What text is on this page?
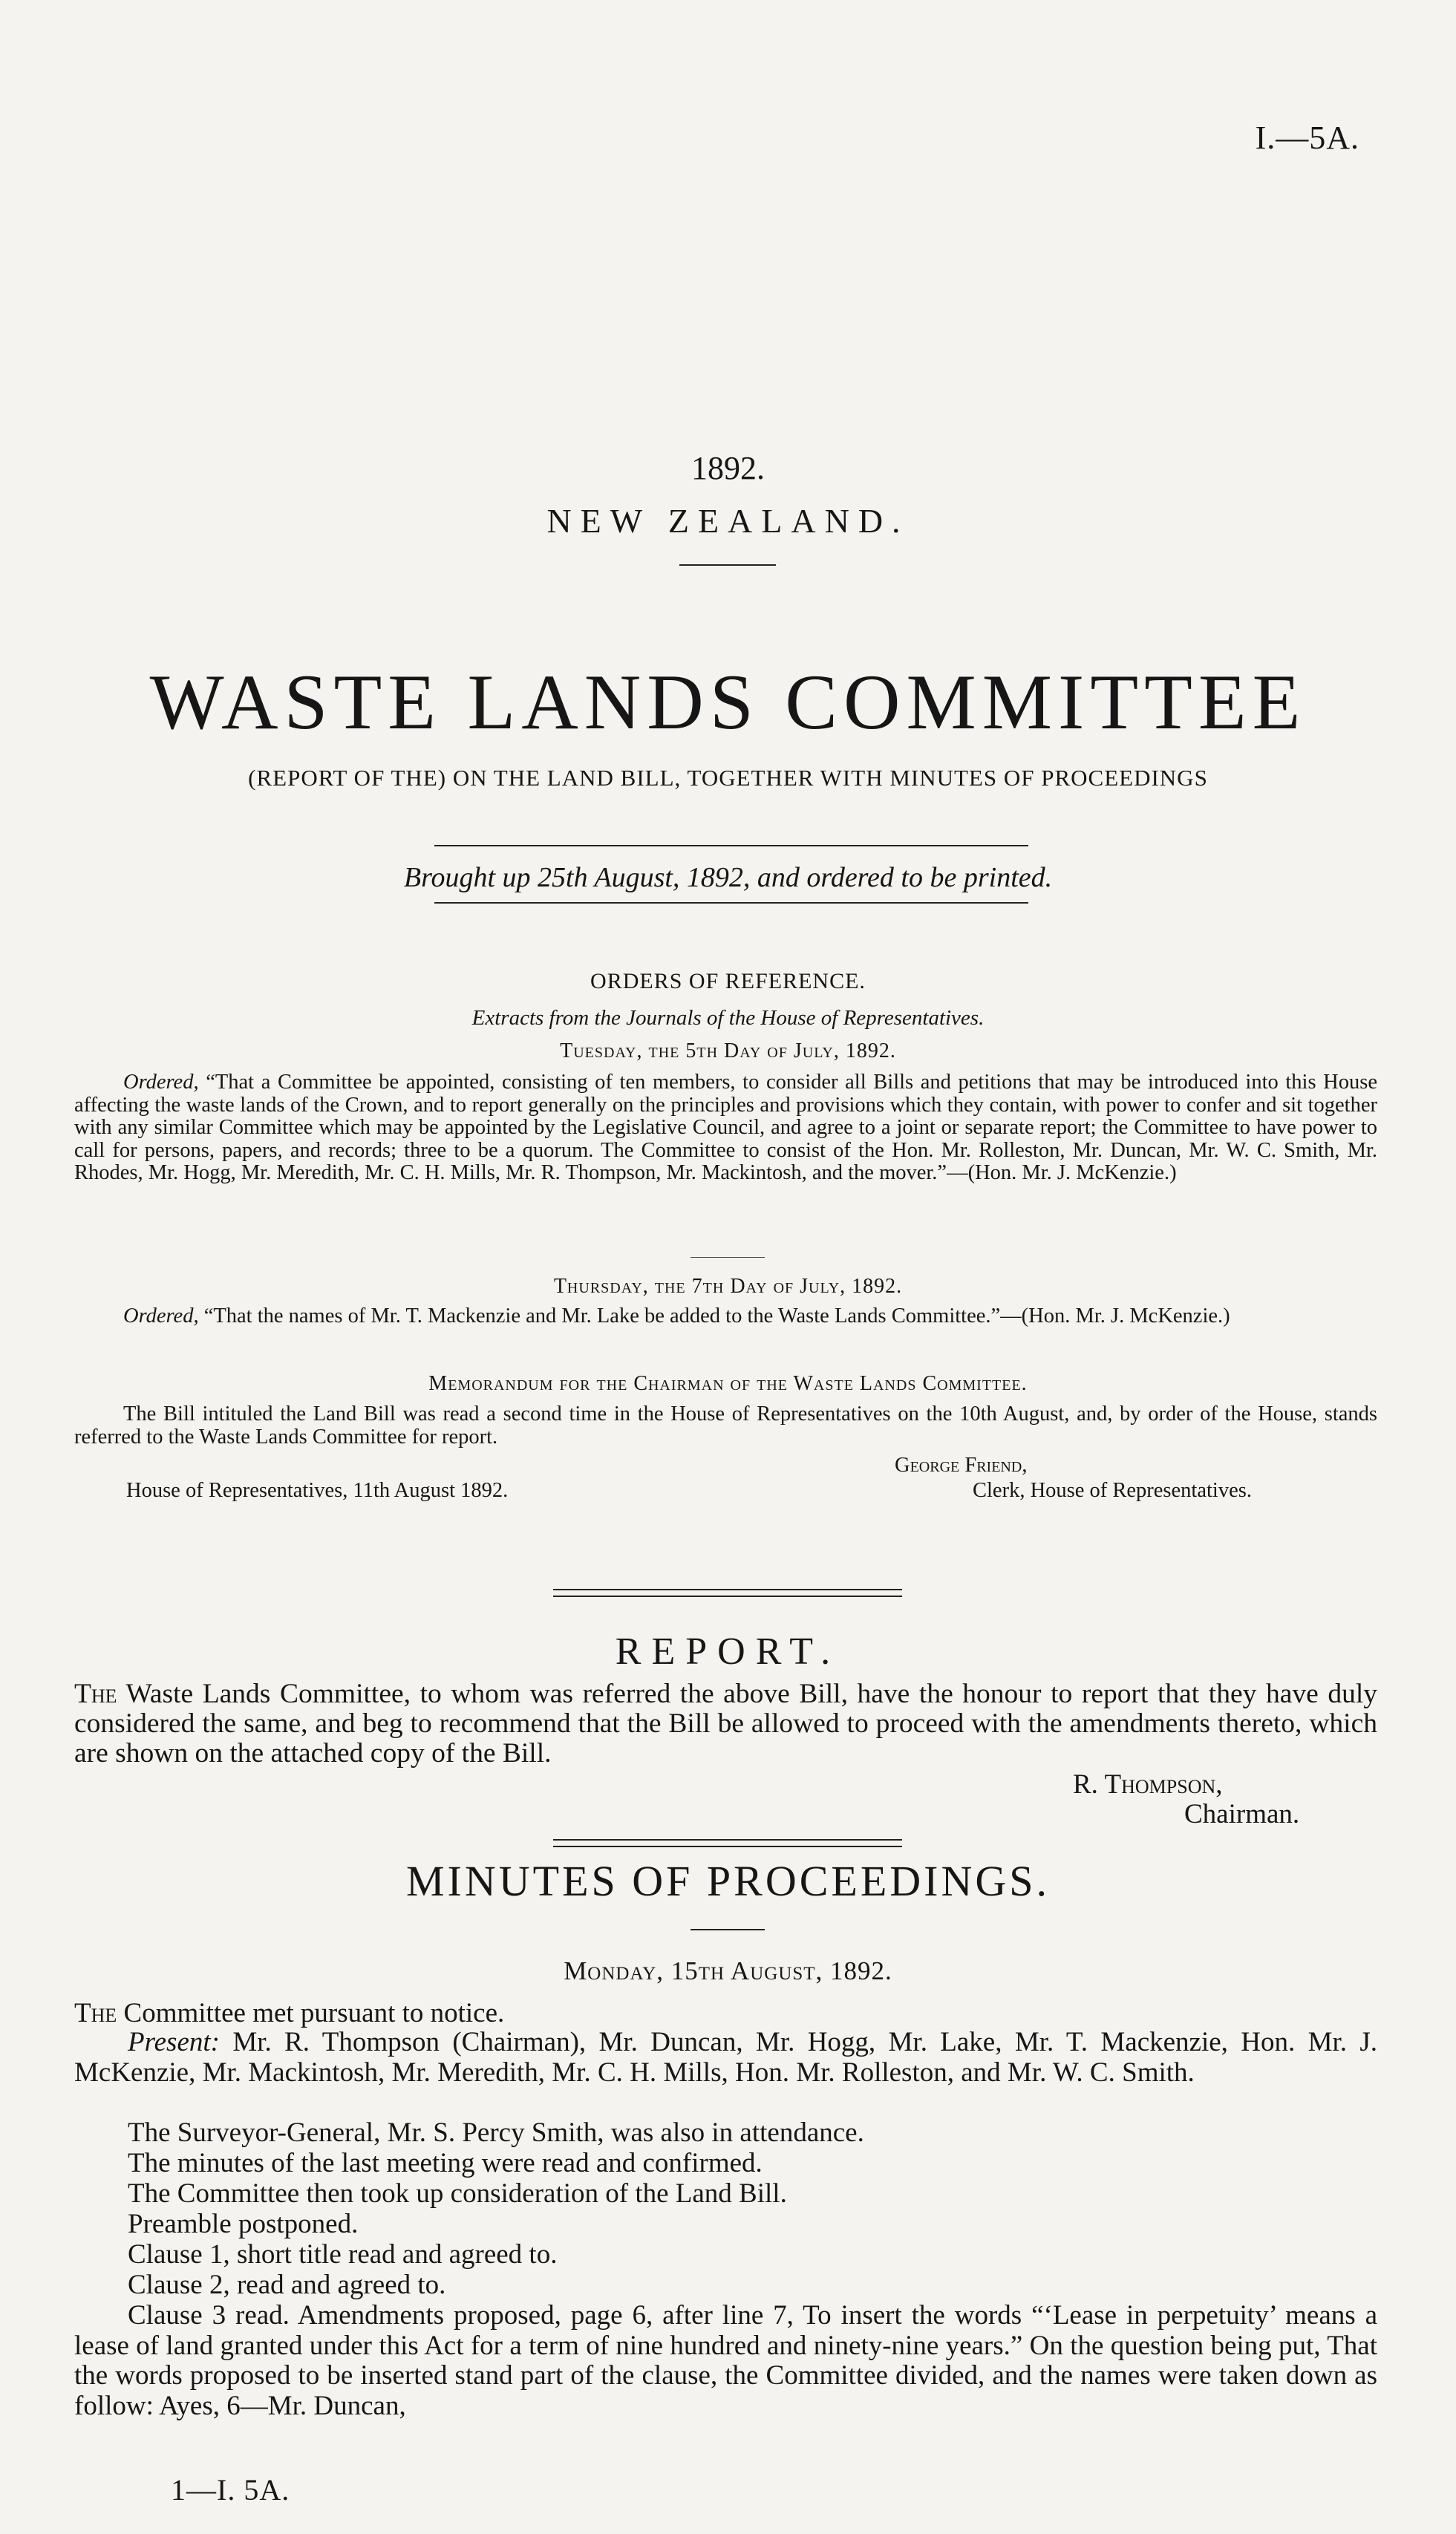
I.—5A.
1892.
NEW ZEALAND.
WASTE LANDS COMMITTEE
(REPORT OF THE) ON THE LAND BILL, TOGETHER WITH MINUTES OF PROCEEDINGS
Brought up 25th August, 1892, and ordered to be printed.
ORDERS OF REFERENCE.
Extracts from the Journals of the House of Representatives.
Tuesday, the 5th Day of July, 1892.
Ordered, “That a Committee be appointed, consisting of ten members, to consider all Bills and petitions that may be introduced into this House affecting the waste lands of the Crown, and to report generally on the principles and provisions which they contain, with power to confer and sit together with any similar Committee which may be appointed by the Legislative Council, and agree to a joint or separate report; the Committee to have power to call for persons, papers, and records; three to be a quorum. The Committee to consist of the Hon. Mr. Rolleston, Mr. Duncan, Mr. W. C. Smith, Mr. Rhodes, Mr. Hogg, Mr. Meredith, Mr. C. H. Mills, Mr. R. Thompson, Mr. Mackintosh, and the mover.”—(Hon. Mr. J. McKenzie.)
Thursday, the 7th Day of July, 1892.
Ordered, “That the names of Mr. T. Mackenzie and Mr. Lake be added to the Waste Lands Committee.”—(Hon. Mr. J. McKenzie.)
Memorandum for the Chairman of the Waste Lands Committee.
The Bill intituled the Land Bill was read a second time in the House of Representatives on the 10th August, and, by order of the House, stands referred to the Waste Lands Committee for report.
George Friend,
House of Representatives, 11th August 1892.	Clerk, House of Representatives.
REPORT.
The Waste Lands Committee, to whom was referred the above Bill, have the honour to report that they have duly considered the same, and beg to recommend that the Bill be allowed to proceed with the amendments thereto, which are shown on the attached copy of the Bill.
R. Thompson,
Chairman.
MINUTES OF PROCEEDINGS.
Monday, 15th August, 1892.
The Committee met pursuant to notice.
Present: Mr. R. Thompson (Chairman), Mr. Duncan, Mr. Hogg, Mr. Lake, Mr. T. Mackenzie, Hon. Mr. J. McKenzie, Mr. Mackintosh, Mr. Meredith, Mr. C. H. Mills, Hon. Mr. Rolleston, and Mr. W. C. Smith.
The Surveyor-General, Mr. S. Percy Smith, was also in attendance.
The minutes of the last meeting were read and confirmed.
The Committee then took up consideration of the Land Bill.
Preamble postponed.
Clause 1, short title read and agreed to.
Clause 2, read and agreed to.
Clause 3 read. Amendments proposed, page 6, after line 7, To insert the words “‘Lease in perpetuity’ means a lease of land granted under this Act for a term of nine hundred and ninety-nine years.” On the question being put, That the words proposed to be inserted stand part of the clause, the Committee divided, and the names were taken down as follow: Ayes, 6—Mr. Duncan,
1—I. 5A.
